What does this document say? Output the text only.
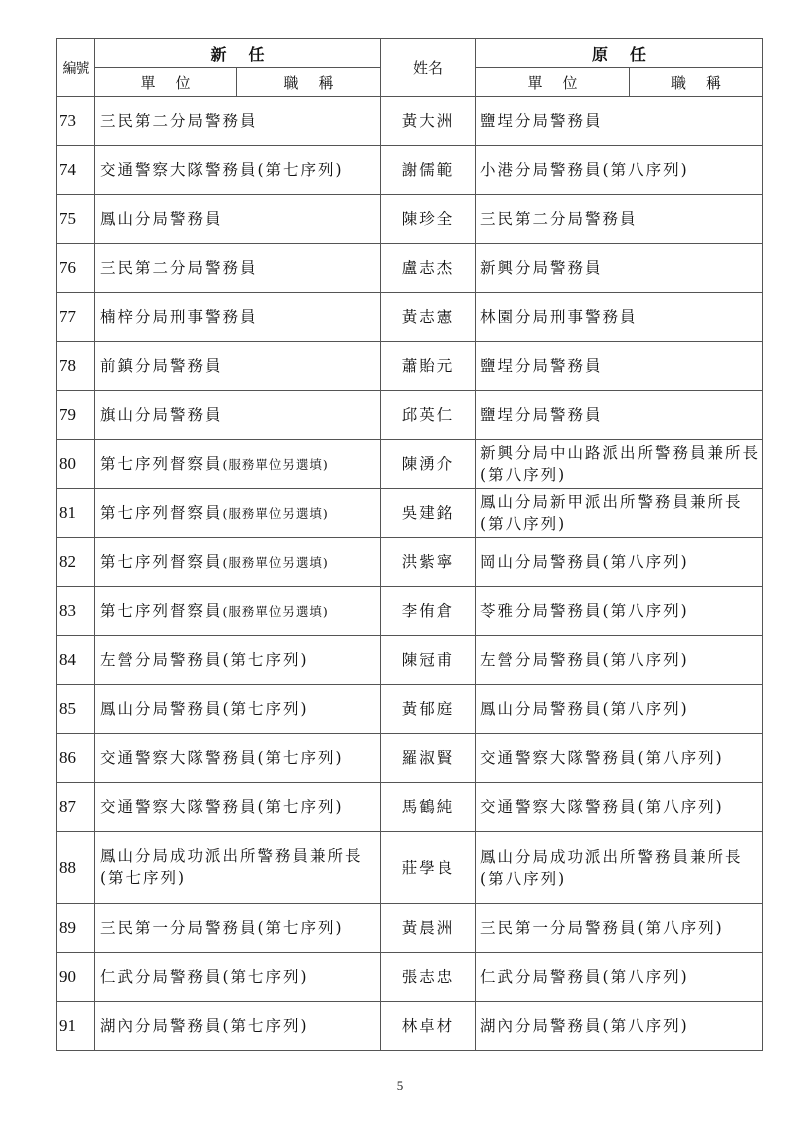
編號	新任		姓名	原任	
	單位	職稱		單位	職稱
73	三民第二分局警務員		黃大洲	鹽埕分局警務員	
74	交通警察大隊警務員(第七序列)		謝儒範	小港分局警務員(第八序列)	
75	鳳山分局警務員		陳珍全	三民第二分局警務員	
76	三民第二分局警務員		盧志杰	新興分局警務員	
77	楠梓分局刑事警務員		黃志憲	林園分局刑事警務員	
78	前鎮分局警務員		蕭貽元	鹽埕分局警務員	
79	旗山分局警務員		邱英仁	鹽埕分局警務員	
80	第七序列督察員(服務單位另選填)		陳湧介	新興分局中山路派出所警務員兼所長(第八序列)	
81	第七序列督察員(服務單位另選填)		吳建銘	鳳山分局新甲派出所警務員兼所長(第八序列)	
82	第七序列督察員(服務單位另選填)		洪紫寧	岡山分局警務員(第八序列)	
83	第七序列督察員(服務單位另選填)		李侑倉	苓雅分局警務員(第八序列)	
84	左營分局警務員(第七序列)		陳冠甫	左營分局警務員(第八序列)	
85	鳳山分局警務員(第七序列)		黃郁庭	鳳山分局警務員(第八序列)	
86	交通警察大隊警務員(第七序列)		羅淑賢	交通警察大隊警務員(第八序列)	
87	交通警察大隊警務員(第七序列)		馬鶴純	交通警察大隊警務員(第八序列)	
88	鳳山分局成功派出所警務員兼所長 (第七序列)		莊學良	鳳山分局成功派出所警務員兼所長(第八序列)	
89	三民第一分局警務員(第七序列)		黃晨洲	三民第一分局警務員(第八序列)	
90	仁武分局警務員(第七序列)		張志忠	仁武分局警務員(第八序列)	
91	湖內分局警務員(第七序列)		林卓材	湖內分局警務員(第八序列)	
5
